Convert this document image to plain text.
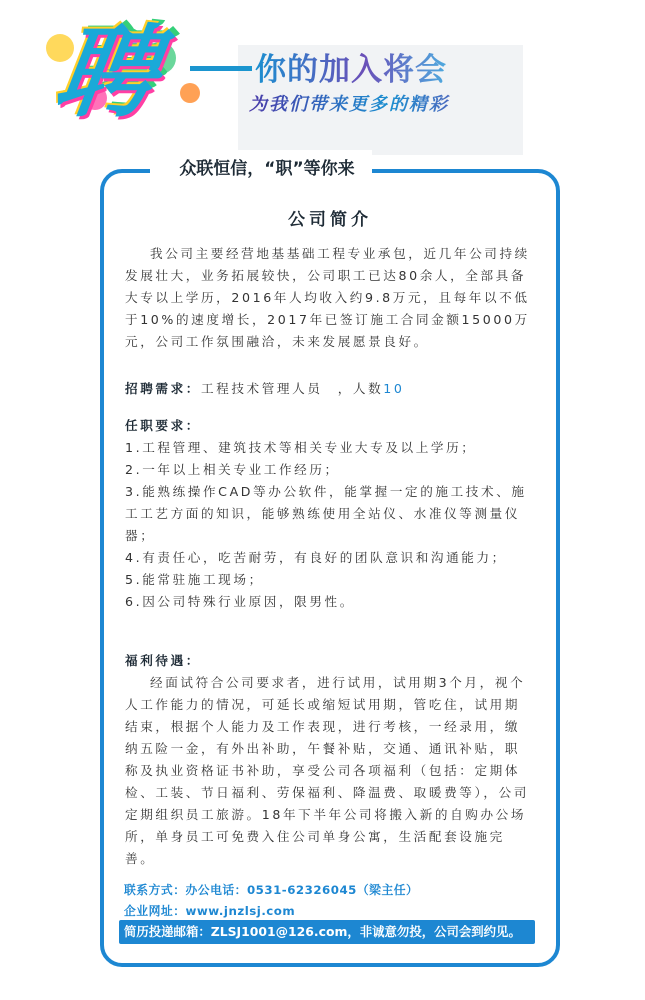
聘	你的加入将会
为我们带来更多的精彩
众联恒信，“职”等你来
公司简介

我公司主要经营地基基础工程专业承包，近几年公司持续发展壮大，业务拓展较快，公司职工已达80余人，全部具备大专以上学历，2016年人均收入约9.8万元，且每年以不低于10%的速度增长，2017年已签订施工合同金额15000万元，公司工作氛围融洽，未来发展愿景良好。

招聘需求：工程技术管理人员　，人数10

任职要求：

1.工程管理、建筑技术等相关专业大专及以上学历；

2.一年以上相关专业工作经历；

3.能熟练操作CAD等办公软件，能掌握一定的施工技术、施工工艺方面的知识，能够熟练使用全站仪、水准仪等测量仪器；

4.有责任心，吃苦耐劳，有良好的团队意识和沟通能力；

5.能常驻施工现场；

6.因公司特殊行业原因，限男性。

福利待遇：

经面试符合公司要求者，进行试用，试用期3个月，视个人工作能力的情况，可延长或缩短试用期，管吃住，试用期结束，根据个人能力及工作表现，进行考核，一经录用，缴纳五险一金，有外出补助，午餐补贴，交通、通讯补贴，职称及执业资格证书补助，享受公司各项福利（包括：定期体检、工装、节日福利、劳保福利、降温费、取暖费等），公司定期组织员工旅游。18年下半年公司将搬入新的自购办公场所，单身员工可免费入住公司单身公寓，生活配套设施完善。

联系方式：办公电话：0531-62326045（梁主任）
企业网址：www.jnzlsj.com
简历投递邮箱：ZLSJ1001@126.com，非诚意勿投，公司会到约见。
